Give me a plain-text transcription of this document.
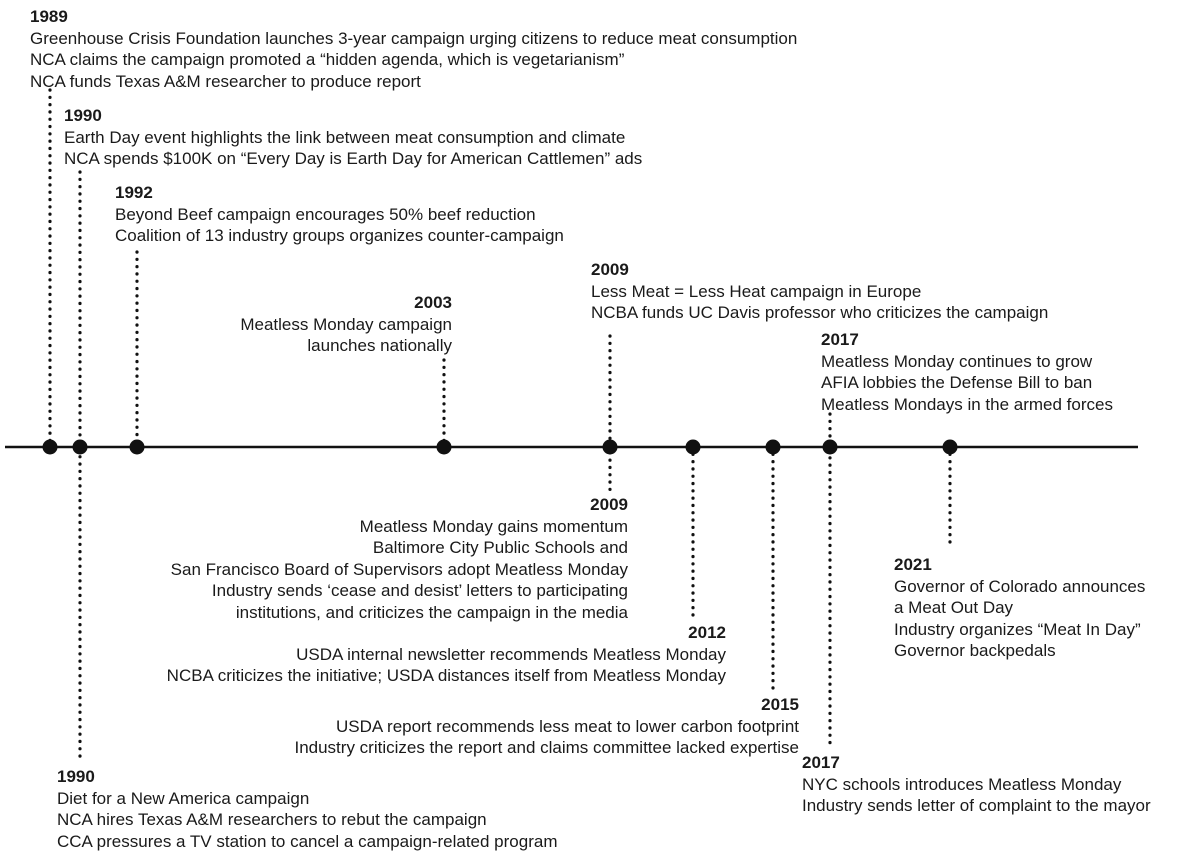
1989
Greenhouse Crisis Foundation launches 3-year campaign urging citizens to reduce meat consumption
NCA claims the campaign promoted a “hidden agenda, which is vegetarianism”
NCA funds Texas A&M researcher to produce report
1990
Earth Day event highlights the link between meat consumption and climate
NCA spends $100K on “Every Day is Earth Day for American Cattlemen” ads
1992
Beyond Beef campaign encourages 50% beef reduction
Coalition of 13 industry groups organizes counter-campaign
2003
Meatless Monday campaign
launches nationally
2009
Less Meat = Less Heat campaign in Europe
NCBA funds UC Davis professor who criticizes the campaign
2017
Meatless Monday continues to grow
AFIA lobbies the Defense Bill to ban
Meatless Mondays in the armed forces
2009
Meatless Monday gains momentum
Baltimore City Public Schools and
San Francisco Board of Supervisors adopt Meatless Monday
Industry sends ‘cease and desist’ letters to participating
institutions, and criticizes the campaign in the media
2012
USDA internal newsletter recommends Meatless Monday
NCBA criticizes the initiative; USDA distances itself from Meatless Monday
2015
USDA report recommends less meat to lower carbon footprint
Industry criticizes the report and claims committee lacked expertise
2017
NYC schools introduces Meatless Monday
Industry sends letter of complaint to the mayor
2021
Governor of Colorado announces
a Meat Out Day
Industry organizes “Meat In Day”
Governor backpedals
1990
Diet for a New America campaign
NCA hires Texas A&M researchers to rebut the campaign
CCA pressures a TV station to cancel a campaign-related program
